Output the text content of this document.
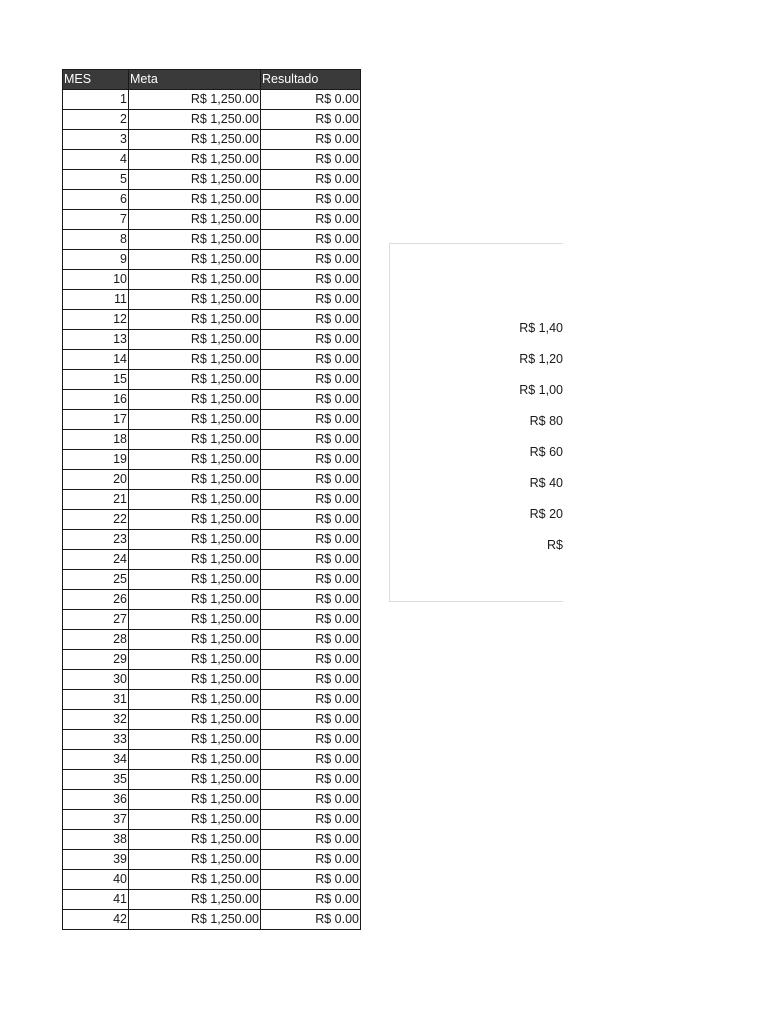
MES	Meta	Resultado
1	R$ 1,250.00	R$ 0.00
2	R$ 1,250.00	R$ 0.00
3	R$ 1,250.00	R$ 0.00
4	R$ 1,250.00	R$ 0.00
5	R$ 1,250.00	R$ 0.00
6	R$ 1,250.00	R$ 0.00
7	R$ 1,250.00	R$ 0.00
8	R$ 1,250.00	R$ 0.00
9	R$ 1,250.00	R$ 0.00
10	R$ 1,250.00	R$ 0.00
11	R$ 1,250.00	R$ 0.00
12	R$ 1,250.00	R$ 0.00
13	R$ 1,250.00	R$ 0.00
14	R$ 1,250.00	R$ 0.00
15	R$ 1,250.00	R$ 0.00
16	R$ 1,250.00	R$ 0.00
17	R$ 1,250.00	R$ 0.00
18	R$ 1,250.00	R$ 0.00
19	R$ 1,250.00	R$ 0.00
20	R$ 1,250.00	R$ 0.00
21	R$ 1,250.00	R$ 0.00
22	R$ 1,250.00	R$ 0.00
23	R$ 1,250.00	R$ 0.00
24	R$ 1,250.00	R$ 0.00
25	R$ 1,250.00	R$ 0.00
26	R$ 1,250.00	R$ 0.00
27	R$ 1,250.00	R$ 0.00
28	R$ 1,250.00	R$ 0.00
29	R$ 1,250.00	R$ 0.00
30	R$ 1,250.00	R$ 0.00
31	R$ 1,250.00	R$ 0.00
32	R$ 1,250.00	R$ 0.00
33	R$ 1,250.00	R$ 0.00
34	R$ 1,250.00	R$ 0.00
35	R$ 1,250.00	R$ 0.00
36	R$ 1,250.00	R$ 0.00
37	R$ 1,250.00	R$ 0.00
38	R$ 1,250.00	R$ 0.00
39	R$ 1,250.00	R$ 0.00
40	R$ 1,250.00	R$ 0.00
41	R$ 1,250.00	R$ 0.00
42	R$ 1,250.00	R$ 0.00
R$ 1,40
R$ 1,20
R$ 1,00
R$ 80
R$ 60
R$ 40
R$ 20
R$
